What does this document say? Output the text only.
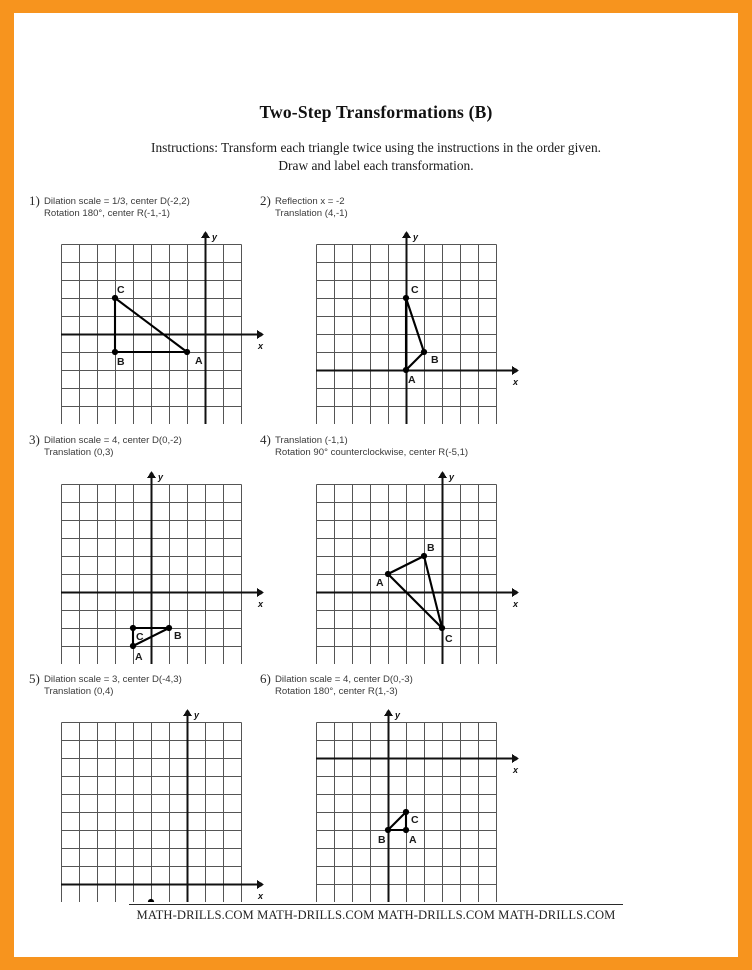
Two-Step Transformations (B)
Instructions: Transform each triangle twice using the instructions in the order given.
Draw and label each transformation.
1) Dilation scale = 1/3, center D(-2,2)
Rotation 180°, center R(-1,-1)
x
y
A
B
C
2) Reflection x = -2
Translation (4,-1)
x
y
A
B
C
3) Dilation scale = 4, center D(0,-2)
Translation (0,3)
x
y
A
B
C
4) Translation (-1,1)
Rotation 90° counterclockwise, center R(-5,1)
x
y
A
B
C
5) Dilation scale = 3, center D(-4,3)
Translation (0,4)
x
y
6) Dilation scale = 4, center D(0,-3)
Rotation 180°, center R(1,-3)
x
y
A
B
C
MATH-DRILLS.COM MATH-DRILLS.COM MATH-DRILLS.COM MATH-DRILLS.COM
